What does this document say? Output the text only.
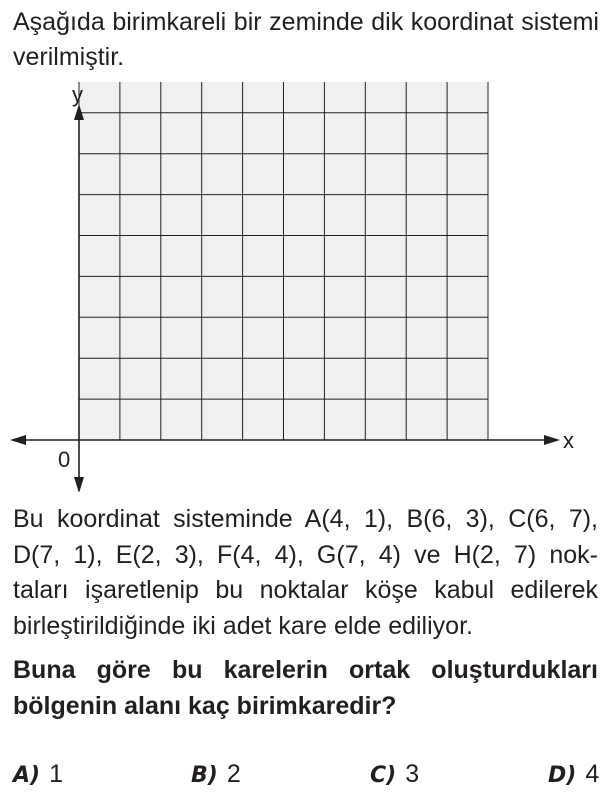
Aşağıda birimkareli bir zeminde dik koordinat sistemi verilmiştir.

y
x
0
Bu koordinat sisteminde A(4, 1), B(6, 3), C(6, 7),
D(7, 1), E(2, 3), F(4, 4), G(7, 4) ve H(2, 7) nok-
taları işaretlenip bu noktalar köşe kabul edilerek
birleştirildiğinde iki adet kare elde ediliyor.
Buna göre bu karelerin ortak oluşturdukları
bölgenin alanı kaç birimkaredir?
A) 1	B) 2	C) 3	D) 4
